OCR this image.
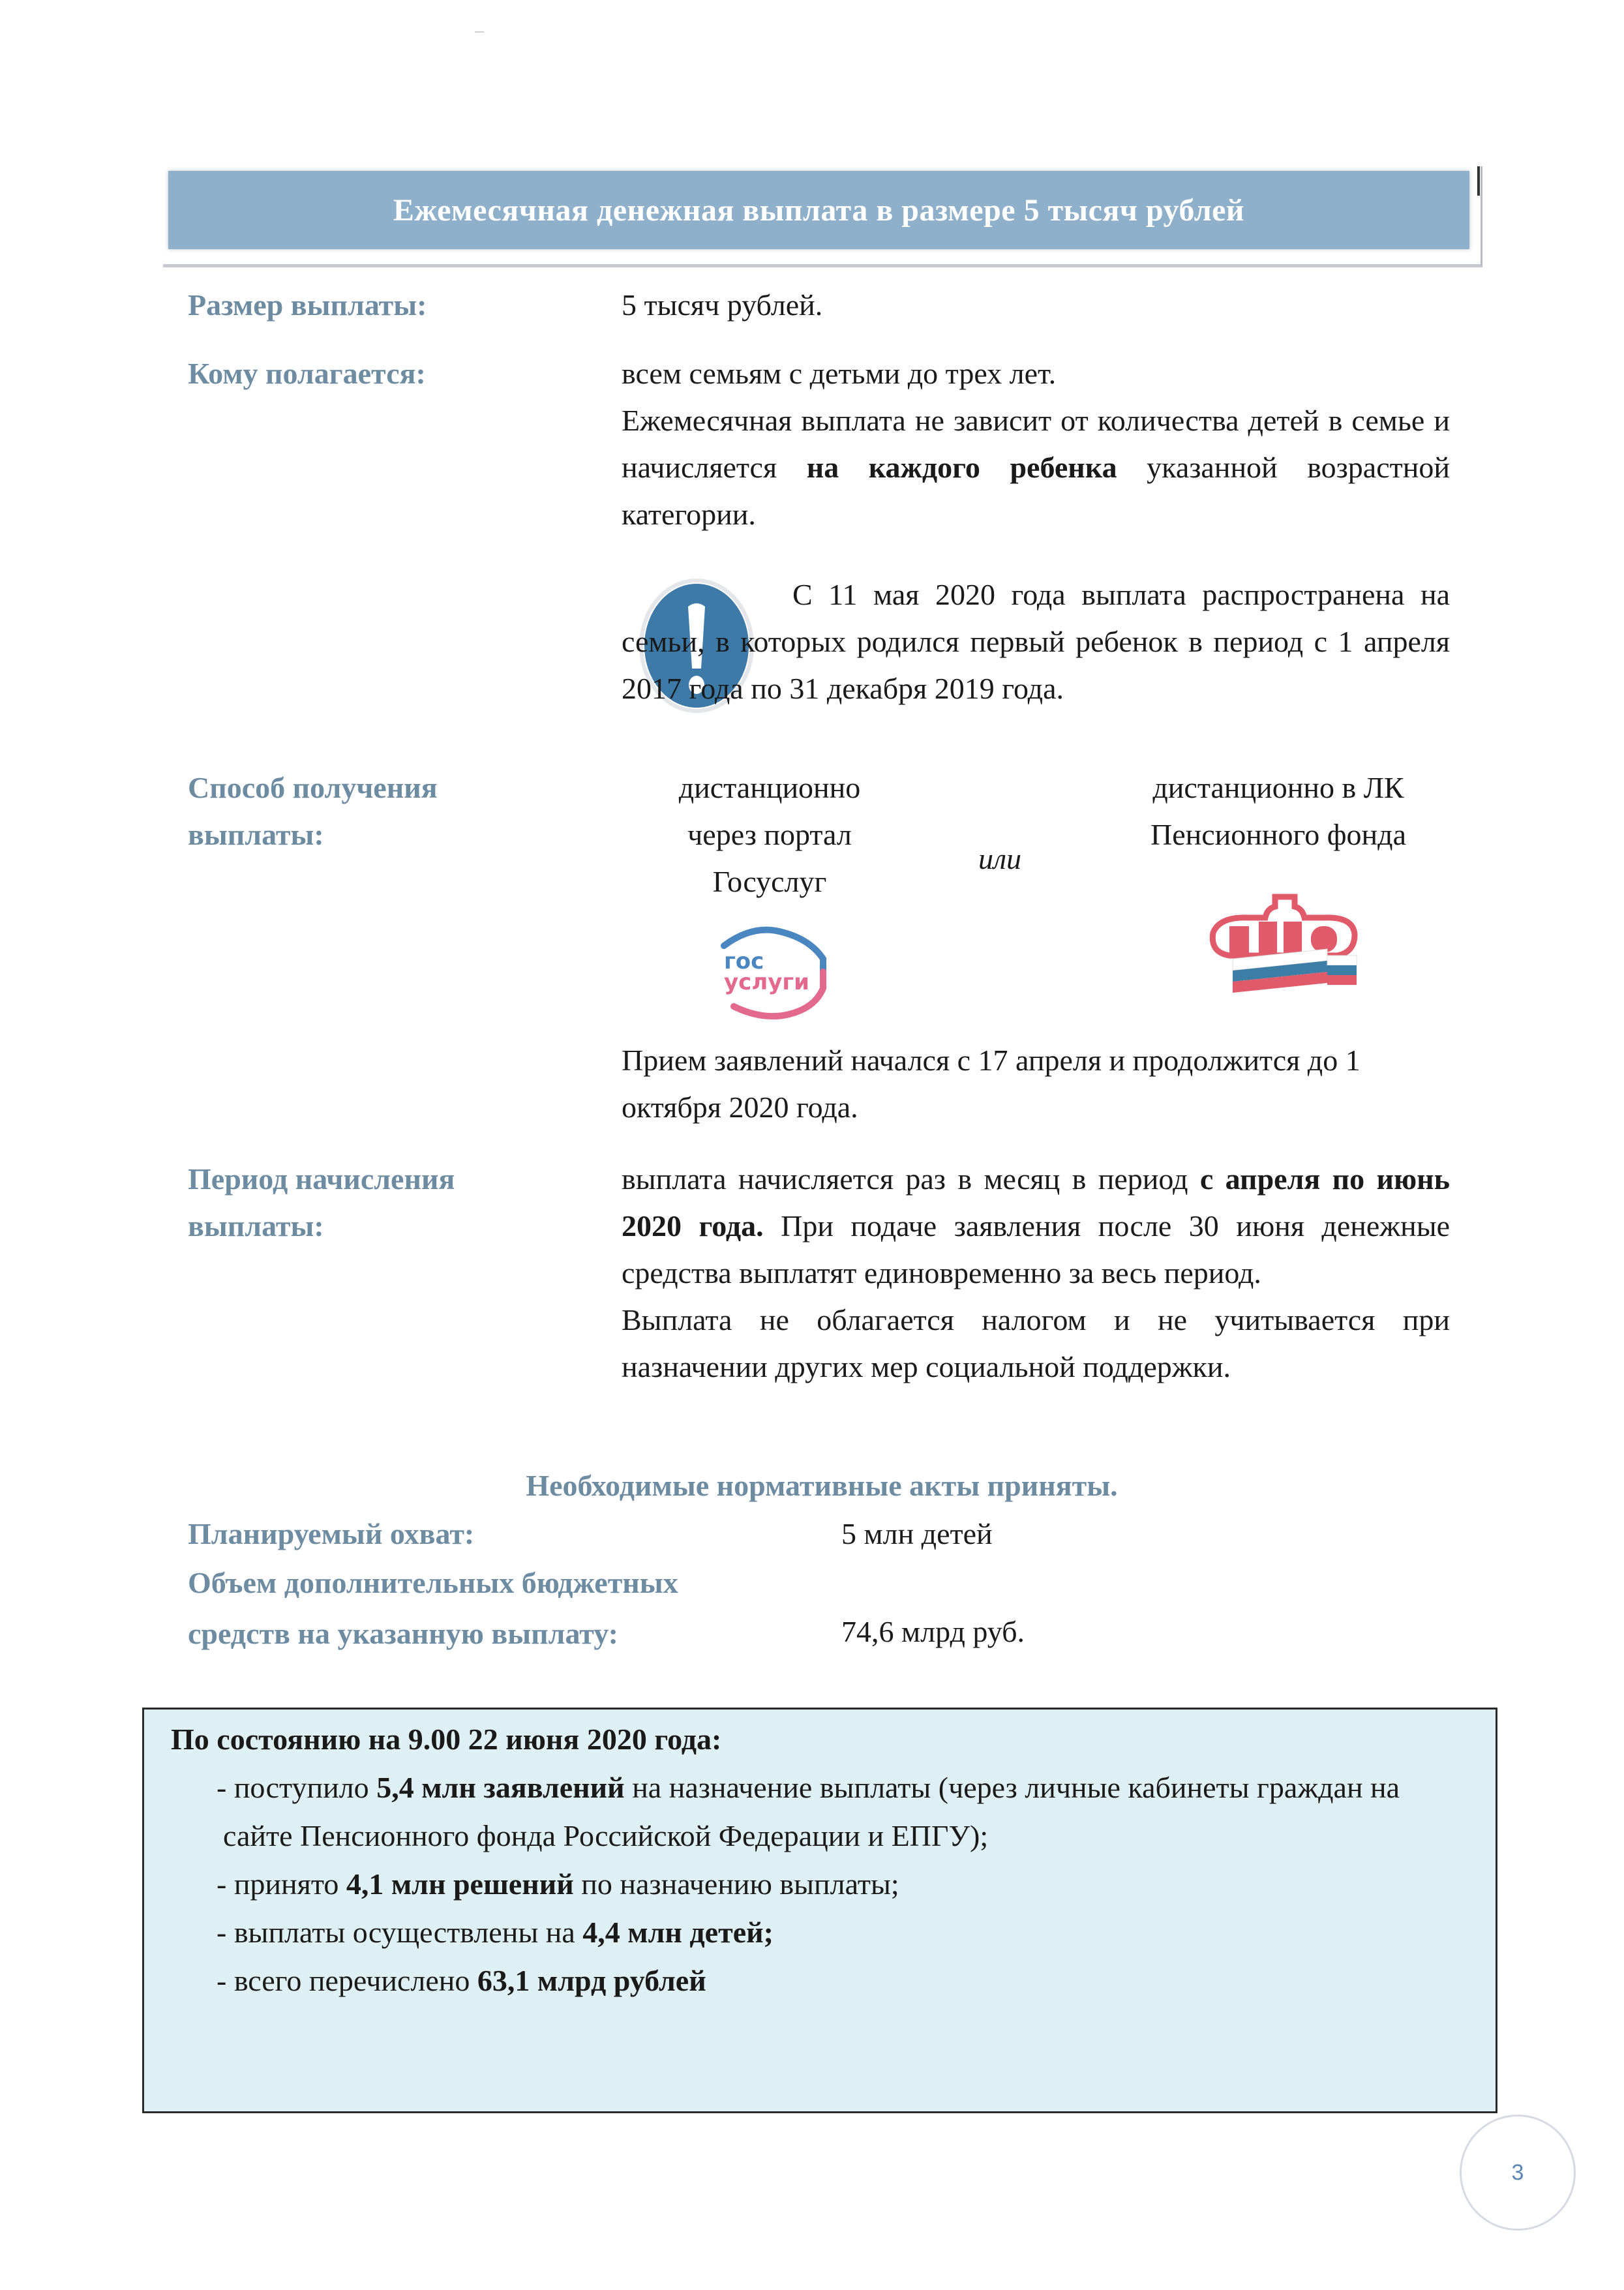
Ежемесячная денежная выплата в размере 5 тысяч рублей
Размер выплаты:	5 тысяч рублей.
Кому полагается:	всем семьям с детьми до трех лет.
Ежемесячная выплата не зависит от количества детей в семье и начисляется на каждого ребенка указанной возрастной категории.
С 11 мая 2020 года выплата распространена на семьи, в которых родился первый ребенок в период с 1 апреля 2017 года по 31 декабря 2019 года.
Способ получения
выплаты:
дистанционно
через портал
Госуслуг
или
дистанционно в ЛК
Пенсионного фонда
гос
услуги
Прием заявлений начался с 17 апреля и продолжится до 1 октября 2020 года.
Период начисления
выплаты:
выплата начисляется раз в месяц в период с апреля по июнь 2020 года. При подаче заявления после 30 июня денежные средства выплатят единовременно за весь период.
Выплата не облагается налогом и не учитывается при назначении других мер социальной поддержки.
Необходимые нормативные акты приняты.
Планируемый охват:	5 млн детей
Объем дополнительных бюджетных
средств на указанную выплату:	74,6 млрд руб.
По состоянию на 9.00 22 июня 2020 года:
- поступило 5,4 млн заявлений на назначение выплаты (через личные кабинеты граждан на сайте Пенсионного фонда Российской Федерации и ЕПГУ);
- принято 4,1 млн решений по назначению выплаты;
- выплаты осуществлены на 4,4 млн детей;
- всего перечислено 63,1 млрд рублей
3
